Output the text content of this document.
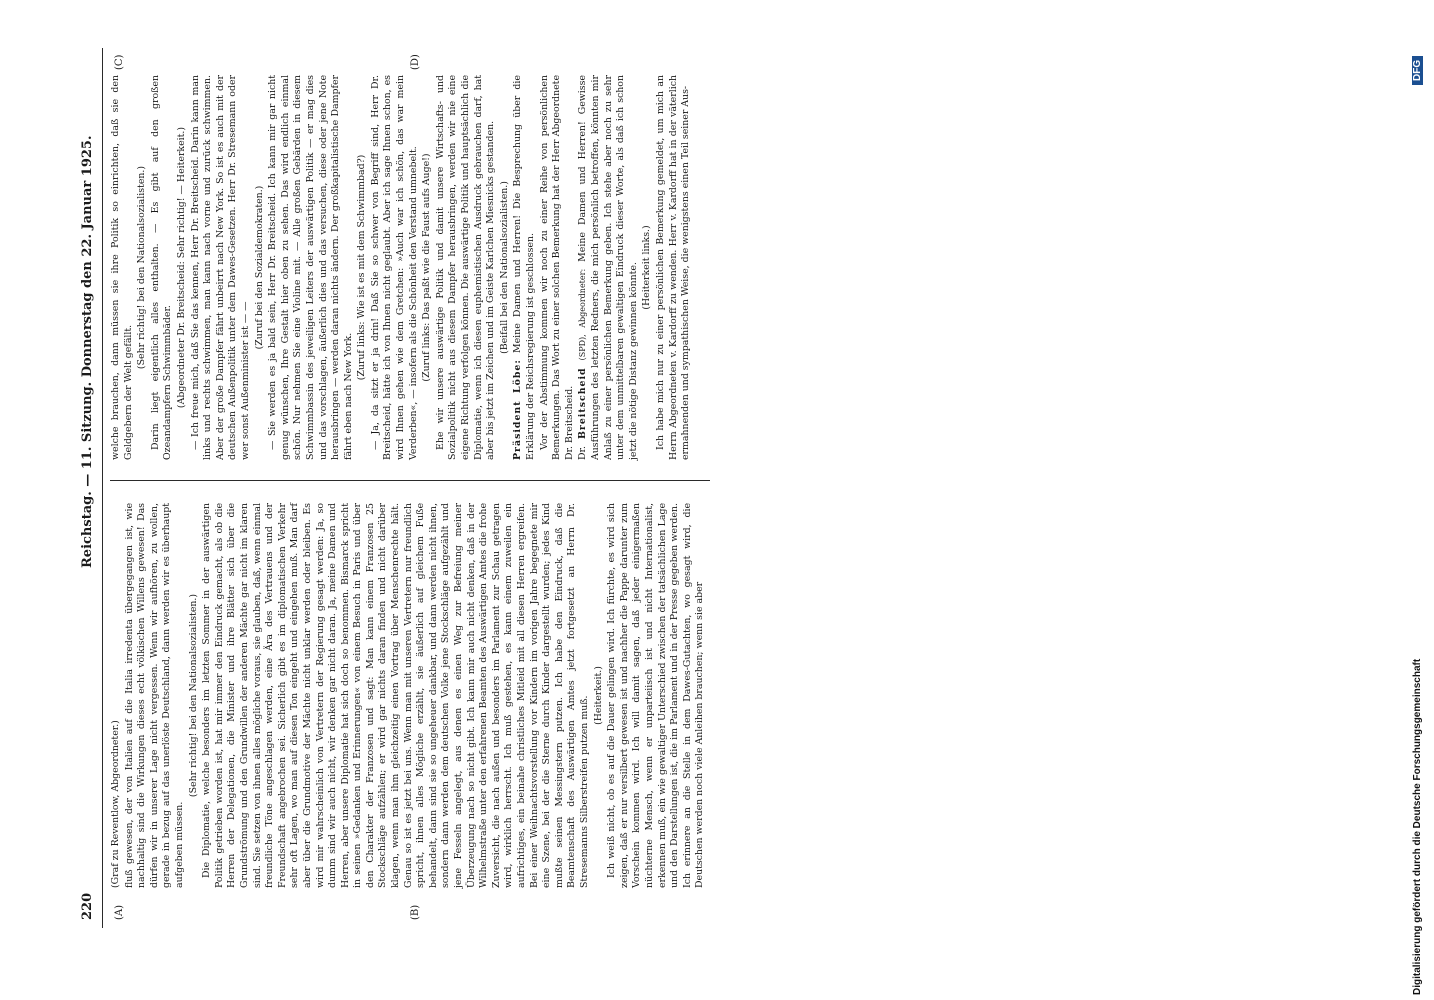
220
Reichstag. — 11. Sitzung. Donnerstag den 22. Januar 1925.
(A)	(B)
(C)	(D)

(Graf zu Reventlow, Abgeordneter.) fluß gewesen, der von Italien auf die Italia irredenta übergegangen ist, wie nachhaltig sind die Wirkungen dieses echt völkischen Willens gewesen! Das dürfen wir in unserer Lage nicht vergessen. Wenn wir aufhören, zu wollen, gerade in bezug auf das unerlöste Deutschland, dann werden wir es überhaupt aufgeben müssen.

(Sehr richtig! bei den Nationalsozialisten.) Die Diplomatie, welche besonders im letzten Sommer in der auswärtigen Politik getrieben worden ist, hat mir immer den Eindruck gemacht, als ob die Herren der Delegationen, die Minister und ihre Blätter sich über die Grundströmung und den Grundwillen der anderen Mächte gar nicht im klaren sind. Sie setzen von ihnen alles mögliche voraus, sie glauben, daß, wenn einmal freundliche Töne angeschlagen werden, eine Ära des Vertrauens und der Freundschaft angebrochen sei. Sicherlich gibt es im diplomatischen Verkehr sehr oft Lagen, wo man auf diesen Ton eingeht und eingehen muß. Man darf aber über die Grundmotive der Mächte nicht unklar werden oder bleiben. Es wird mir wahrscheinlich von Vertretern der Regierung gesagt werden: Ja, so dumm sind wir auch nicht, wir denken gar nicht daran. Ja, meine Damen und Herren, aber unsere Diplomatie hat sich doch so benommen. Bismarck spricht in seinen »Gedanken und Erinnerungen« von einem Besuch in Paris und über den Charakter der Franzosen und sagt: Man kann einem Franzosen 25 Stockschläge aufzählen; er wird gar nichts daran finden und nicht darüber klagen, wenn man ihm gleichzeitig einen Vortrag über Menschenrechte hält. Genau so ist es jetzt bei uns. Wenn man mit unseren Vertretern nur freundlich spricht, ihnen alles Mögliche erzählt, sie äußerlich auf gleichem Fuße behandelt, dann sind sie so ungeheuer dankbar, und dann werden nicht ihnen, sondern dann werden dem deutschen Volke jene Stockschläge aufgezählt und jene Fesseln angelegt, aus denen es einen Weg zur Befreiung meiner Überzeugung nach so nicht gibt. Ich kann mir auch nicht denken, daß in der Wilhelmstraße unter den erfahrenen Beamten des Auswärtigen Amtes die frohe Zuversicht, die nach außen und besonders im Parlament zur Schau getragen wird, wirklich herrscht. Ich muß gestehen, es kann einem zuweilen ein aufrichtiges, ein beinahe christliches Mitleid mit all diesen Herren ergreifen. Bei einer Weihnachtsvorstellung vor Kindern im vorigen Jahre begegnete mir eine Szene, bei der die Sterne durch Kinder dargestellt wurden; jedes Kind mußte seinen Messingstern putzen. Ich habe den Eindruck, daß die Beamtenschaft des Auswärtigen Amtes jetzt fortgesetzt an Herrn Dr. Stresemanns Silberstreifen putzen muß. (Heiterkeit.) Ich weiß nicht, ob es auf die Dauer gelingen wird. Ich fürchte, es wird sich zeigen, daß er nur versilbert gewesen ist und nachher die Pappe darunter zum Vorschein kommen wird. Ich will damit sagen, daß jeder einigermaßen nüchterne Mensch, wenn er unparteiisch ist und nicht Internationalist, erkennen muß, ein wie gewaltiger Unterschied zwischen der tatsächlichen Lage und den Darstellungen ist, die im Parlament und in der Presse gegeben werden. Ich erinnere an die Stelle in dem Dawes-Gutachten, wo gesagt wird, die Deutschen werden noch viele Anleihen brauchen; wenn sie aber

welche brauchen, dann müssen sie ihre Politik so einrichten, daß sie den Geldgebern der Welt gefällt.

(Sehr richtig! bei den Nationalsozialisten.) Darin liegt eigentlich alles enthalten. — Es gibt auf den großen Ozeandampfern Schwimmbäder. (Abgeordneter Dr. Breitscheid: Sehr richtig! — Heiterkeit.) — Ich freue mich, daß Sie das kennen, Herr Dr. Breitscheid. Darin kann man links und rechts schwimmen, man kann nach vorne und zurück schwimmen. Aber der große Dampfer fährt unbeirrt nach New York. So ist es auch mit der deutschen Außenpolitik unter dem Dawes-Gesetzen. Herr Dr. Stresemann oder wer sonst Außenminister ist — —

(Zuruf bei den Sozialdemokraten.) — Sie werden es ja bald sein, Herr Dr. Breitscheid. Ich kann mir gar nicht genug wünschen, Ihre Gestalt hier oben zu sehen. Das wird endlich einmal schön. Nur nehmen Sie eine Violine mit. — Alle großen Gebärden in diesem Schwimmbassin des jeweiligen Leiters der auswärtigen Politik — er mag dies und das vorschlagen, äußerlich dies und das versuchen, diese oder jene Note herausbringen — werden daran nichts ändern. Der großkapitalistische Dampfer fährt eben nach New York.

(Zuruf links: Wie ist es mit dem Schwimmbad?) — Ja, da sitzt er ja drin! Daß Sie so schwer von Begriff sind, Herr Dr. Breitscheid, hätte ich von Ihnen nicht geglaubt. Aber ich sage Ihnen schon, es wird Ihnen gehen wie dem Gretchen: »Auch war ich schön, das war mein Verderben«, — insofern als die Schönheit den Verstand umnebelt. (Zuruf links: Das paßt wie die Faust aufs Auge!) Ehe wir unsere auswärtige Politik und damit unsere Wirtschafts- und Sozialpolitik nicht aus diesem Dampfer herausbringen, werden wir nie eine eigene Richtung verfolgen können. Die auswärtige Politik und hauptsächlich die Diplomatie, wenn ich diesen euphemistischen Ausdruck gebrauchen darf, hat aber bis jetzt im Zeichen und im Geiste Karlchen Miesnicks gestanden. (Beifall bei den Nationalsozialisten.)

Präsident Löbe: Meine Damen und Herren! Die Besprechung über die Erklärung der Reichsregierung ist geschlossen. Vor der Abstimmung kommen wir noch zu einer Reihe von persönlichen Bemerkungen. Das Wort zu einer solchen Bemerkung hat der Herr Abgeordnete Dr. Breitscheid. Dr. Breitscheid (SPD), Abgeordneter: Meine Damen und Herren! Gewisse Ausführungen des letzten Redners, die mich persönlich betroffen, könnten mir Anlaß zu einer persönlichen Bemerkung geben. Ich stehe aber noch zu sehr unter dem unmittelbaren gewaltigen Eindruck dieser Worte, als daß ich schon jetzt die nötige Distanz gewinnen könnte. (Heiterkeit links.) Ich habe mich nur zu einer persönlichen Bemerkung gemeldet, um mich an Herrn Abgeordneten v. Kardorff zu wenden. Herr v. Kardorff hat in der väterlich ermahnenden und sympathischen Weise, die wenigstens einen Teil seiner Aus-

Digitalisierung gefördert durch die Deutsche Forschungsgemeinschaft
DFG
